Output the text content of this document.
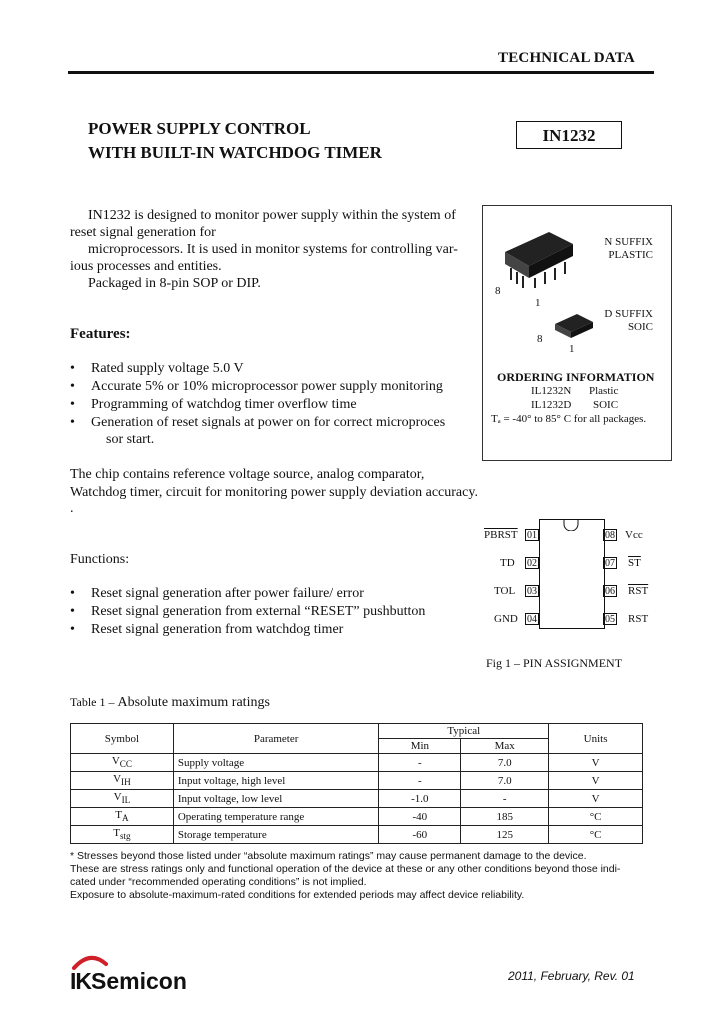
TECHNICAL DATA
POWER SUPPLY CONTROL
WITH BUILT-IN WATCHDOG TIMER
IN1232
IN1232 is designed to monitor power supply within the system of
reset signal generation for
microprocessors. It is used in monitor systems for controlling var-
ious processes and entities.
Packaged in 8-pin SOP or DIP.	8
1
N SUFFIX
PLASTIC
8
1
D SUFFIX
SOIC
ORDERING INFORMATION
IL1232N Plastic
IL1232D SOIC
Tₐ = -40° to 85° C for all packages.
Features:
• Rated supply voltage 5.0 V
• Accurate 5% or 10% microprocessor power supply monitoring
• Programming of watchdog timer overflow time
• Generation of reset signals at power on for correct microproces
sor start.
The chip contains reference voltage source, analog comparator,
Watchdog timer, circuit for monitoring power supply deviation accuracy.
.
Functions:
• Reset signal generation after power failure/ error
• Reset signal generation from external “RESET” pushbutton
• Reset signal generation from watchdog timer
PBRST 01
TD 02
TOL 03
GND 04
08 Vcc
07 $\overline{ST}$
06 $\overline{RST}$
05 RST
Fig 1 – PIN ASSIGNMENT
Table 1 – Absolute maximum ratings
Symbol	Parameter	Typical		Units
		Min	Max	
$V_{CC}$	Supply voltage	-	7.0	V
$V_{IH}$	Input voltage, high level	-	7.0	V
$V_{IL}$	Input voltage, low level	-1.0	-	V
$T_A$	Operating temperature range	-40	185	°C
$T_{stg}$	Storage temperature	-60	125	°C
* Stresses beyond those listed under “absolute maximum ratings” may cause permanent damage to the device.
These are stress ratings only and functional operation of the device at these or any other conditions beyond those indi-
cated under “recommended operating conditions” is not implied.
Exposure to absolute-maximum-rated conditions for extended periods may affect device reliability.
IKSemicon	2011, February, Rev. 01
